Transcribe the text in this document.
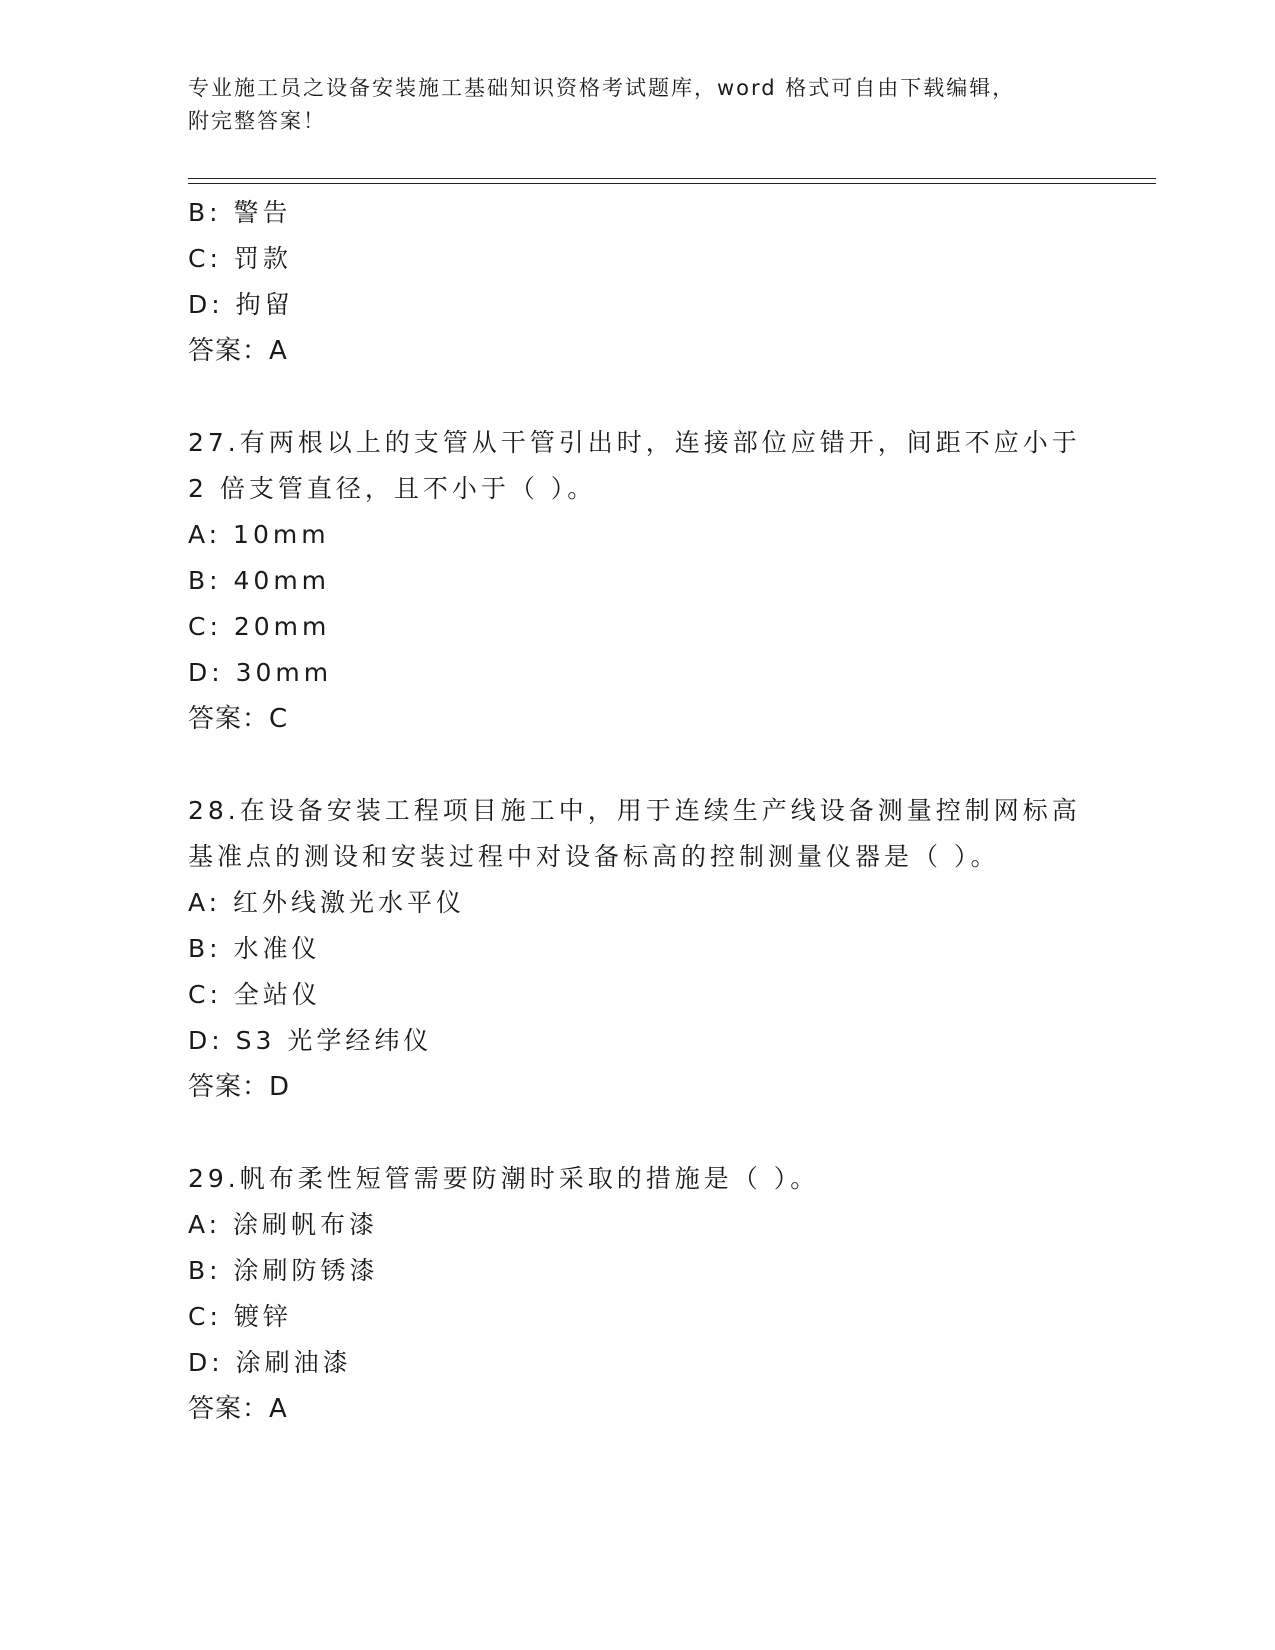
专业施工员之设备安装施工基础知识资格考试题库，word 格式可自由下载编辑，
附完整答案！
B: 警告
C: 罚款
D: 拘留
答案：A
27.有两根以上的支管从干管引出时，连接部位应错开，间距不应小于
2 倍支管直径，且不小于（ ）。
A: 10mm
B: 40mm
C: 20mm
D: 30mm
答案：C
28.在设备安装工程项目施工中，用于连续生产线设备测量控制网标高
基准点的测设和安装过程中对设备标高的控制测量仪器是（ ）。
A: 红外线激光水平仪
B: 水准仪
C: 全站仪
D: S3 光学经纬仪
答案：D
29.帆布柔性短管需要防潮时采取的措施是（ ）。
A: 涂刷帆布漆
B: 涂刷防锈漆
C: 镀锌
D: 涂刷油漆
答案：A
